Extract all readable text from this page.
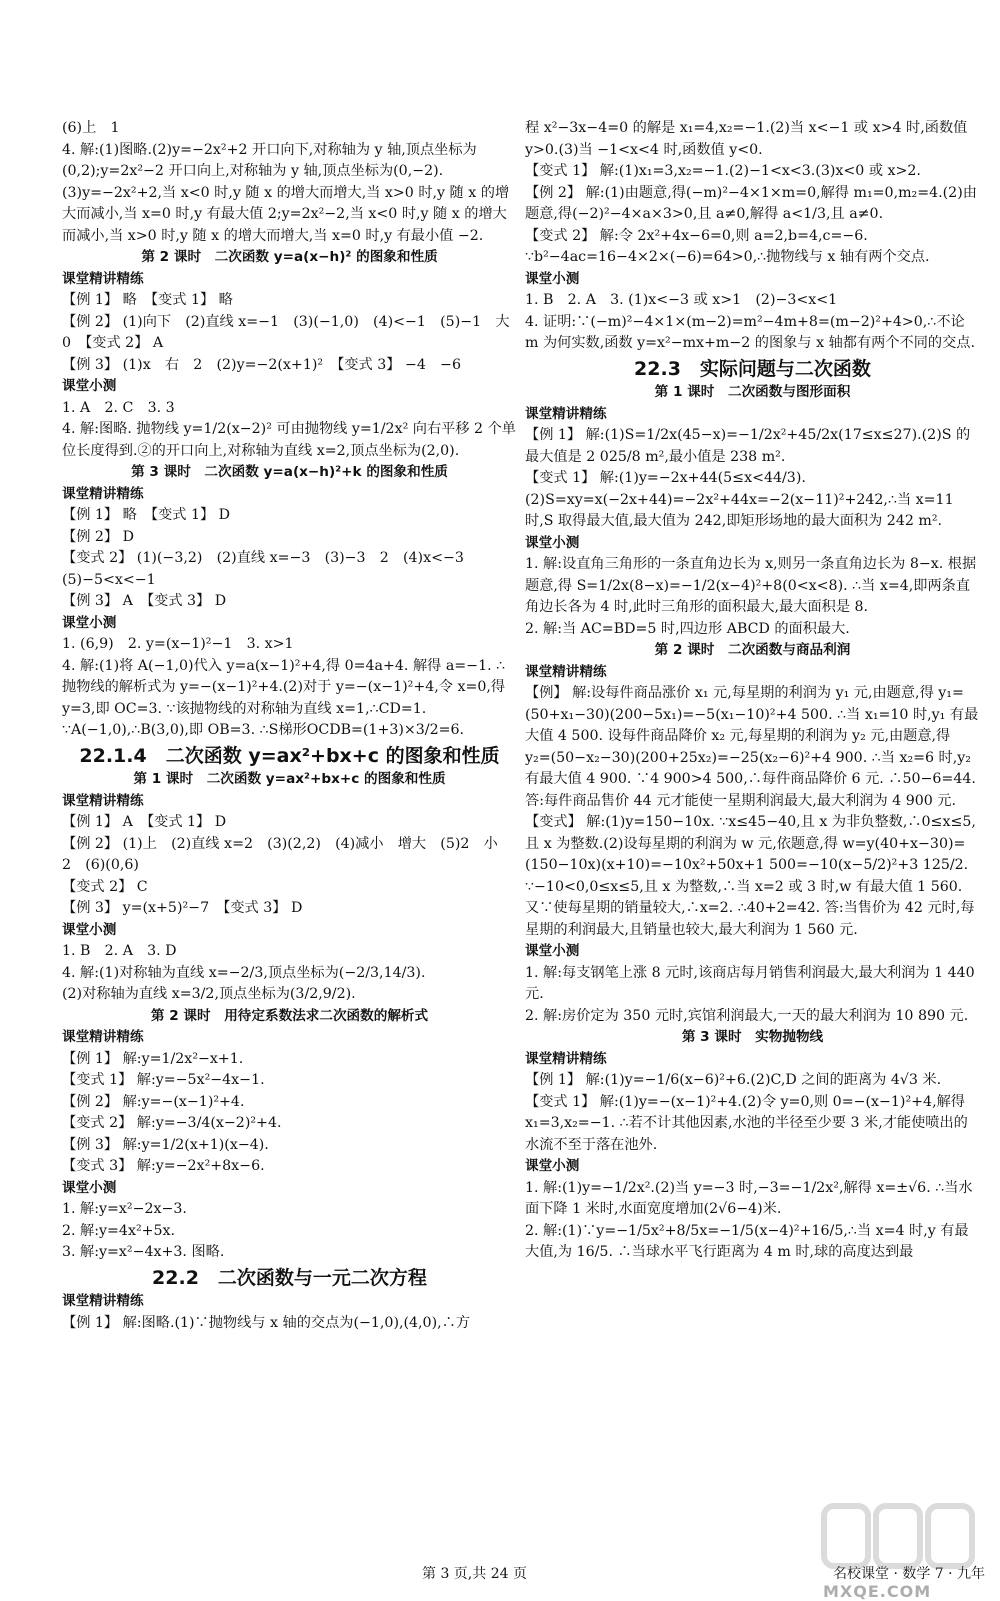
(6)上　1
4. 解:(1)图略.(2)y=−2x²+2 开口向下,对称轴为 y 轴,顶点坐标为(0,2);y=2x²−2 开口向上,对称轴为 y 轴,顶点坐标为(0,−2).(3)y=−2x²+2,当 x<0 时,y 随 x 的增大而增大,当 x>0 时,y 随 x 的增大而减小,当 x=0 时,y 有最大值 2;y=2x²−2,当 x<0 时,y 随 x 的增大而减小,当 x>0 时,y 随 x 的增大而增大,当 x=0 时,y 有最小值 −2.
第 2 课时　二次函数 y=a(x−h)² 的图象和性质
课堂精讲精练
【例 1】 略　【变式 1】 略
【例 2】 (1)向下　(2)直线 x=−1　(3)(−1,0)　(4)<−1　(5)−1　大　0　【变式 2】 A
【例 3】 (1)x　右　2　(2)y=−2(x+1)²　【变式 3】 −4　−6
课堂小测
1. A　2. C　3. 3
4. 解:图略. 抛物线 y=1/2(x−2)² 可由抛物线 y=1/2x² 向右平移 2 个单位长度得到.②的开口向上,对称轴为直线 x=2,顶点坐标为(2,0).
第 3 课时　二次函数 y=a(x−h)²+k 的图象和性质
课堂精讲精练
【例 1】 略　【变式 1】 D
【例 2】 D
【变式 2】 (1)(−3,2)　(2)直线 x=−3　(3)−3　2　(4)x<−3　(5)−5<x<−1
【例 3】 A　【变式 3】 D
课堂小测
1. (6,9)　2. y=(x−1)²−1　3. x>1
4. 解:(1)将 A(−1,0)代入 y=a(x−1)²+4,得 0=4a+4. 解得 a=−1. ∴抛物线的解析式为 y=−(x−1)²+4.(2)对于 y=−(x−1)²+4,令 x=0,得 y=3,即 OC=3. ∵该抛物线的对称轴为直线 x=1,∴CD=1. ∵A(−1,0),∴B(3,0),即 OB=3. ∴S梯形OCDB=(1+3)×3/2=6.
22.1.4　二次函数 y=ax²+bx+c 的图象和性质
第 1 课时　二次函数 y=ax²+bx+c 的图象和性质
课堂精讲精练
【例 1】 A　【变式 1】 D
【例 2】 (1)上　(2)直线 x=2　(3)(2,2)　(4)减小　增大　(5)2　小　2　(6)(0,6)
【变式 2】 C
【例 3】 y=(x+5)²−7　【变式 3】 D
课堂小测
1. B　2. A　3. D
4. 解:(1)对称轴为直线 x=−2/3,顶点坐标为(−2/3,14/3).
(2)对称轴为直线 x=3/2,顶点坐标为(3/2,9/2).
第 2 课时　用待定系数法求二次函数的解析式
课堂精讲精练
【例 1】 解:y=1/2x²−x+1.
【变式 1】 解:y=−5x²−4x−1.
【例 2】 解:y=−(x−1)²+4.
【变式 2】 解:y=−3/4(x−2)²+4.
【例 3】 解:y=1/2(x+1)(x−4).
【变式 3】 解:y=−2x²+8x−6.
课堂小测
1. 解:y=x²−2x−3.
2. 解:y=4x²+5x.
3. 解:y=x²−4x+3. 图略.
22.2　二次函数与一元二次方程
课堂精讲精练
【例 1】 解:图略.(1)∵抛物线与 x 轴的交点为(−1,0),(4,0),∴方
程 x²−3x−4=0 的解是 x₁=4,x₂=−1.(2)当 x<−1 或 x>4 时,函数值 y>0.(3)当 −1<x<4 时,函数值 y<0.
【变式 1】 解:(1)x₁=3,x₂=−1.(2)−1<x<3.(3)x<0 或 x>2.
【例 2】 解:(1)由题意,得(−m)²−4×1×m=0,解得 m₁=0,m₂=4.(2)由题意,得(−2)²−4×a×3>0,且 a≠0,解得 a<1/3,且 a≠0.
【变式 2】 解:令 2x²+4x−6=0,则 a=2,b=4,c=−6. ∵b²−4ac=16−4×2×(−6)=64>0,∴抛物线与 x 轴有两个交点.
课堂小测
1. B　2. A　3. (1)x<−3 或 x>1　(2)−3<x<1
4. 证明:∵(−m)²−4×1×(m−2)=m²−4m+8=(m−2)²+4>0,∴不论 m 为何实数,函数 y=x²−mx+m−2 的图象与 x 轴都有两个不同的交点.
22.3　实际问题与二次函数
第 1 课时　二次函数与图形面积
课堂精讲精练
【例 1】 解:(1)S=1/2x(45−x)=−1/2x²+45/2x(17≤x≤27).(2)S 的最大值是 2 025/8 m²,最小值是 238 m².
【变式 1】 解:(1)y=−2x+44(5≤x<44/3).(2)S=xy=x(−2x+44)=−2x²+44x=−2(x−11)²+242,∴当 x=11 时,S 取得最大值,最大值为 242,即矩形场地的最大面积为 242 m².
课堂小测
1. 解:设直角三角形的一条直角边长为 x,则另一条直角边长为 8−x. 根据题意,得 S=1/2x(8−x)=−1/2(x−4)²+8(0<x<8). ∴当 x=4,即两条直角边长各为 4 时,此时三角形的面积最大,最大面积是 8.
2. 解:当 AC=BD=5 时,四边形 ABCD 的面积最大.
第 2 课时　二次函数与商品利润
课堂精讲精练
【例】 解:设每件商品涨价 x₁ 元,每星期的利润为 y₁ 元,由题意,得 y₁=(50+x₁−30)(200−5x₁)=−5(x₁−10)²+4 500. ∴当 x₁=10 时,y₁ 有最大值 4 500. 设每件商品降价 x₂ 元,每星期的利润为 y₂ 元,由题意,得 y₂=(50−x₂−30)(200+25x₂)=−25(x₂−6)²+4 900. ∴当 x₂=6 时,y₂ 有最大值 4 900. ∵4 900>4 500,∴每件商品降价 6 元. ∴50−6=44. 答:每件商品售价 44 元才能使一星期利润最大,最大利润为 4 900 元.
【变式】 解:(1)y=150−10x. ∵x≤45−40,且 x 为非负整数,∴0≤x≤5,且 x 为整数.(2)设每星期的利润为 w 元,依题意,得 w=y(40+x−30)=(150−10x)(x+10)=−10x²+50x+1 500=−10(x−5/2)²+3 125/2. ∵−10<0,0≤x≤5,且 x 为整数,∴当 x=2 或 3 时,w 有最大值 1 560. 又∵使每星期的销量较大,∴x=2. ∴40+2=42. 答:当售价为 42 元时,每星期的利润最大,且销量也较大,最大利润为 1 560 元.
课堂小测
1. 解:每支钢笔上涨 8 元时,该商店每月销售利润最大,最大利润为 1 440 元.
2. 解:房价定为 350 元时,宾馆利润最大,一天的最大利润为 10 890 元.
第 3 课时　实物抛物线
课堂精讲精练
【例 1】 解:(1)y=−1/6(x−6)²+6.(2)C,D 之间的距离为 4√3 米.
【变式 1】 解:(1)y=−(x−1)²+4.(2)令 y=0,则 0=−(x−1)²+4,解得 x₁=3,x₂=−1. ∴若不计其他因素,水池的半径至少要 3 米,才能使喷出的水流不至于落在池外.
课堂小测
1. 解:(1)y=−1/2x².(2)当 y=−3 时,−3=−1/2x²,解得 x=±√6. ∴当水面下降 1 米时,水面宽度增加(2√6−4)米.
2. 解:(1)∵y=−1/5x²+8/5x=−1/5(x−4)²+16/5,∴当 x=4 时,y 有最大值,为 16/5. ∴当球水平飞行距离为 4 m 时,球的高度达到最
第 3 页,共 24 页	名校课堂 · 数学 7 · 九年
MXQE.COM
